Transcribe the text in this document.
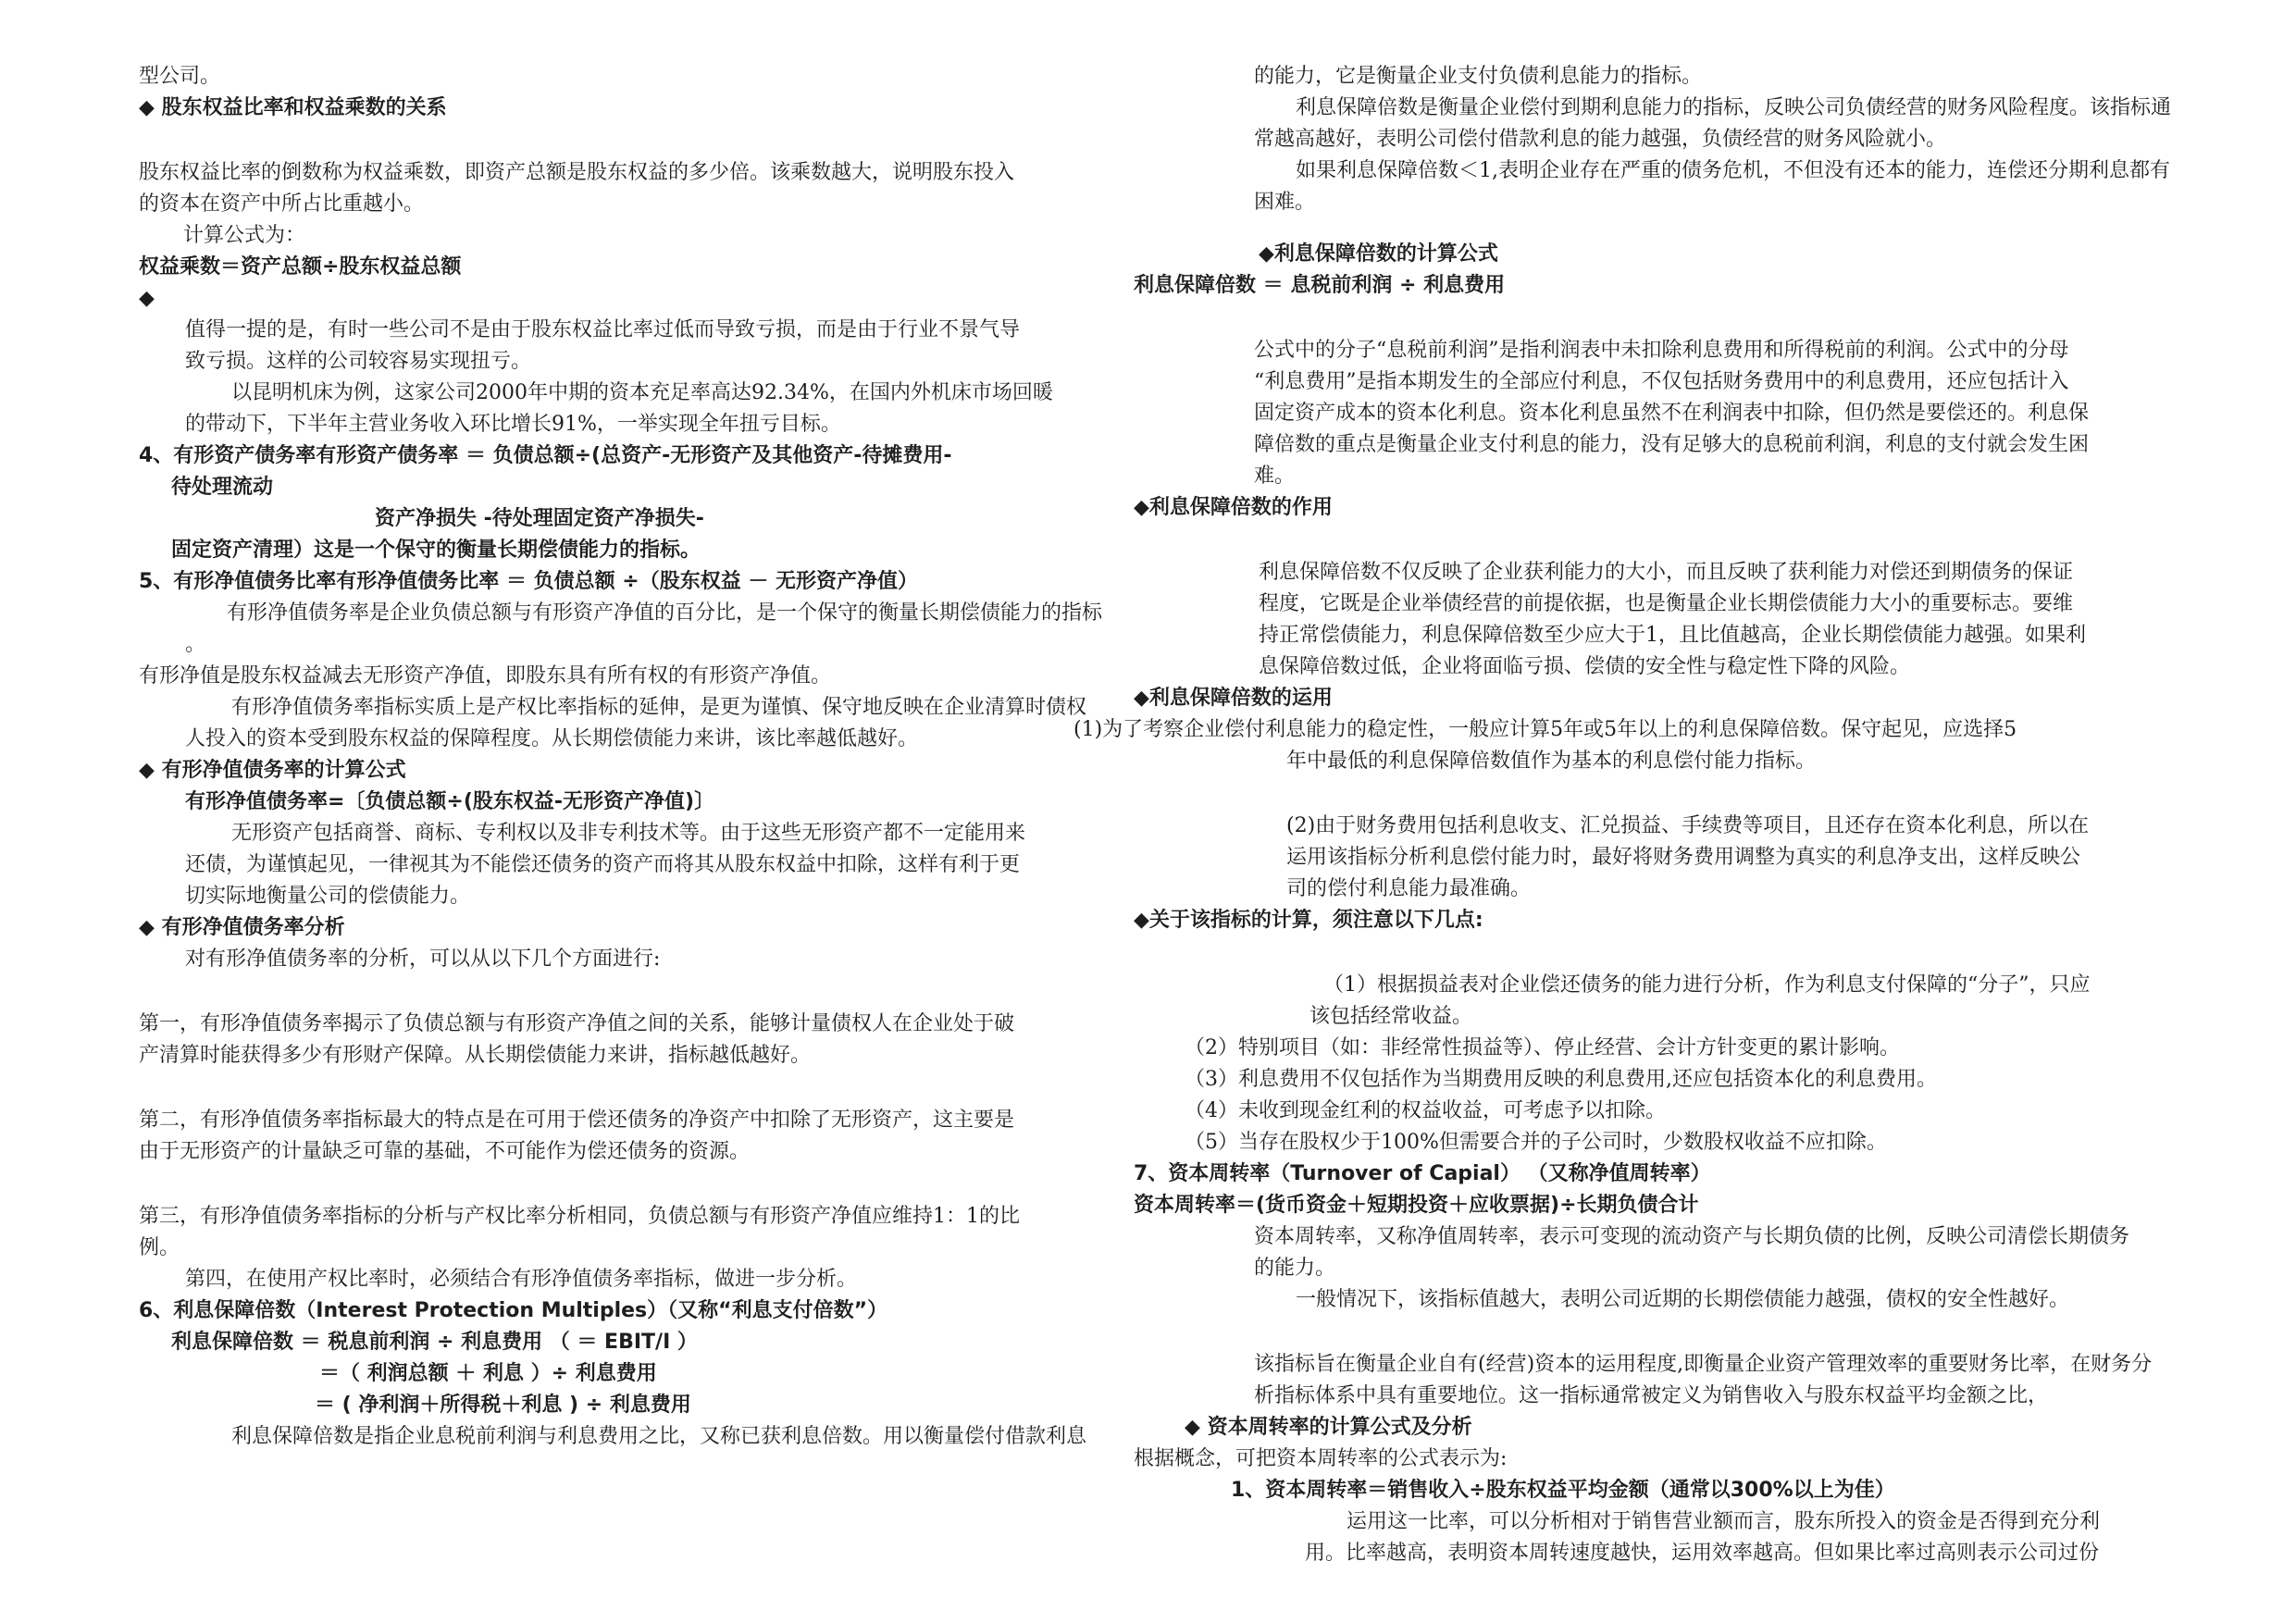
型公司。
◆ 股东权益比率和权益乘数的关系
股东权益比率的倒数称为权益乘数，即资产总额是股东权益的多少倍。该乘数越大，说明股东投入
的资本在资产中所占比重越小。
计算公式为：
权益乘数＝资产总额÷股东权益总额
◆
值得一提的是，有时一些公司不是由于股东权益比率过低而导致亏损，而是由于行业不景气导
致亏损。这样的公司较容易实现扭亏。
以昆明机床为例，这家公司2000年中期的资本充足率高达92.34%，在国内外机床市场回暖
的带动下，下半年主营业务收入环比增长91%，一举实现全年扭亏目标。
4、有形资产债务率有形资产债务率 ＝ 负债总额÷(总资产-无形资产及其他资产-待摊费用-
待处理流动
资产净损失 -待处理固定资产净损失-
固定资产清理）这是一个保守的衡量长期偿债能力的指标。
5、有形净值债务比率有形净值债务比率 ＝ 负债总额 ÷（股东权益 － 无形资产净值）
有形净值债务率是企业负债总额与有形资产净值的百分比，是一个保守的衡量长期偿债能力的指标
。
有形净值是股东权益减去无形资产净值，即股东具有所有权的有形资产净值。
有形净值债务率指标实质上是产权比率指标的延伸，是更为谨慎、保守地反映在企业清算时债权
人投入的资本受到股东权益的保障程度。从长期偿债能力来讲，该比率越低越好。
◆ 有形净值债务率的计算公式
有形净值债务率=〔负债总额÷(股东权益-无形资产净值)〕
无形资产包括商誉、商标、专利权以及非专利技术等。由于这些无形资产都不一定能用来
还债，为谨慎起见，一律视其为不能偿还债务的资产而将其从股东权益中扣除，这样有利于更
切实际地衡量公司的偿债能力。
◆ 有形净值债务率分析
对有形净值债务率的分析，可以从以下几个方面进行:
第一，有形净值债务率揭示了负债总额与有形资产净值之间的关系，能够计量债权人在企业处于破
产清算时能获得多少有形财产保障。从长期偿债能力来讲，指标越低越好。
第二，有形净值债务率指标最大的特点是在可用于偿还债务的净资产中扣除了无形资产，这主要是
由于无形资产的计量缺乏可靠的基础，不可能作为偿还债务的资源。
第三，有形净值债务率指标的分析与产权比率分析相同，负债总额与有形资产净值应维持1：1的比
例。
第四，在使用产权比率时，必须结合有形净值债务率指标，做进一步分析。
6、利息保障倍数（Interest Protection Multiples）（又称“利息支付倍数”）
利息保障倍数 ＝ 税息前利润 ÷ 利息费用 （ ＝ EBIT/I ）
＝（ 利润总额 ＋ 利息 ）÷ 利息费用
＝ ( 净利润＋所得税＋利息 ) ÷ 利息费用
利息保障倍数是指企业息税前利润与利息费用之比，又称已获利息倍数。用以衡量偿付借款利息
的能力，它是衡量企业支付负债利息能力的指标。
利息保障倍数是衡量企业偿付到期利息能力的指标，反映公司负债经营的财务风险程度。该指标通
常越高越好，表明公司偿付借款利息的能力越强，负债经营的财务风险就小。
如果利息保障倍数＜1,表明企业存在严重的债务危机，不但没有还本的能力，连偿还分期利息都有
困难。
◆利息保障倍数的计算公式
利息保障倍数 ＝ 息税前利润 ÷ 利息费用
公式中的分子“息税前利润”是指利润表中未扣除利息费用和所得税前的利润。公式中的分母
“利息费用”是指本期发生的全部应付利息，不仅包括财务费用中的利息费用，还应包括计入
固定资产成本的资本化利息。资本化利息虽然不在利润表中扣除，但仍然是要偿还的。利息保
障倍数的重点是衡量企业支付利息的能力，没有足够大的息税前利润，利息的支付就会发生困
难。
◆利息保障倍数的作用
利息保障倍数不仅反映了企业获利能力的大小，而且反映了获利能力对偿还到期债务的保证
程度，它既是企业举债经营的前提依据，也是衡量企业长期偿债能力大小的重要标志。要维
持正常偿债能力，利息保障倍数至少应大于1，且比值越高，企业长期偿债能力越强。如果利
息保障倍数过低，企业将面临亏损、偿债的安全性与稳定性下降的风险。
◆利息保障倍数的运用
(1)为了考察企业偿付利息能力的稳定性，一般应计算5年或5年以上的利息保障倍数。保守起见，应选择5
年中最低的利息保障倍数值作为基本的利息偿付能力指标。
(2)由于财务费用包括利息收支、汇兑损益、手续费等项目，且还存在资本化利息，所以在
运用该指标分析利息偿付能力时，最好将财务费用调整为真实的利息净支出，这样反映公
司的偿付利息能力最准确。
◆关于该指标的计算，须注意以下几点:
（1）根据损益表对企业偿还债务的能力进行分析，作为利息支付保障的“分子”，只应
该包括经常收益。
（2）特别项目（如：非经常性损益等）、停止经营、会计方针变更的累计影响。
（3）利息费用不仅包括作为当期费用反映的利息费用,还应包括资本化的利息费用。
（4）未收到现金红利的权益收益，可考虑予以扣除。
（5）当存在股权少于100%但需要合并的子公司时，少数股权收益不应扣除。
7、资本周转率（Turnover of Capial） （又称净值周转率）
资本周转率＝(货币资金＋短期投资＋应收票据)÷长期负债合计
资本周转率，又称净值周转率，表示可变现的流动资产与长期负债的比例，反映公司清偿长期债务
的能力。
一般情况下，该指标值越大，表明公司近期的长期偿债能力越强，债权的安全性越好。
该指标旨在衡量企业自有(经营)资本的运用程度,即衡量企业资产管理效率的重要财务比率，在财务分
析指标体系中具有重要地位。这一指标通常被定义为销售收入与股东权益平均金额之比，
◆ 资本周转率的计算公式及分析
根据概念，可把资本周转率的公式表示为:
1、资本周转率＝销售收入÷股东权益平均金额（通常以300%以上为佳）
运用这一比率，可以分析相对于销售营业额而言，股东所投入的资金是否得到充分利
用。比率越高，表明资本周转速度越快，运用效率越高。但如果比率过高则表示公司过份
